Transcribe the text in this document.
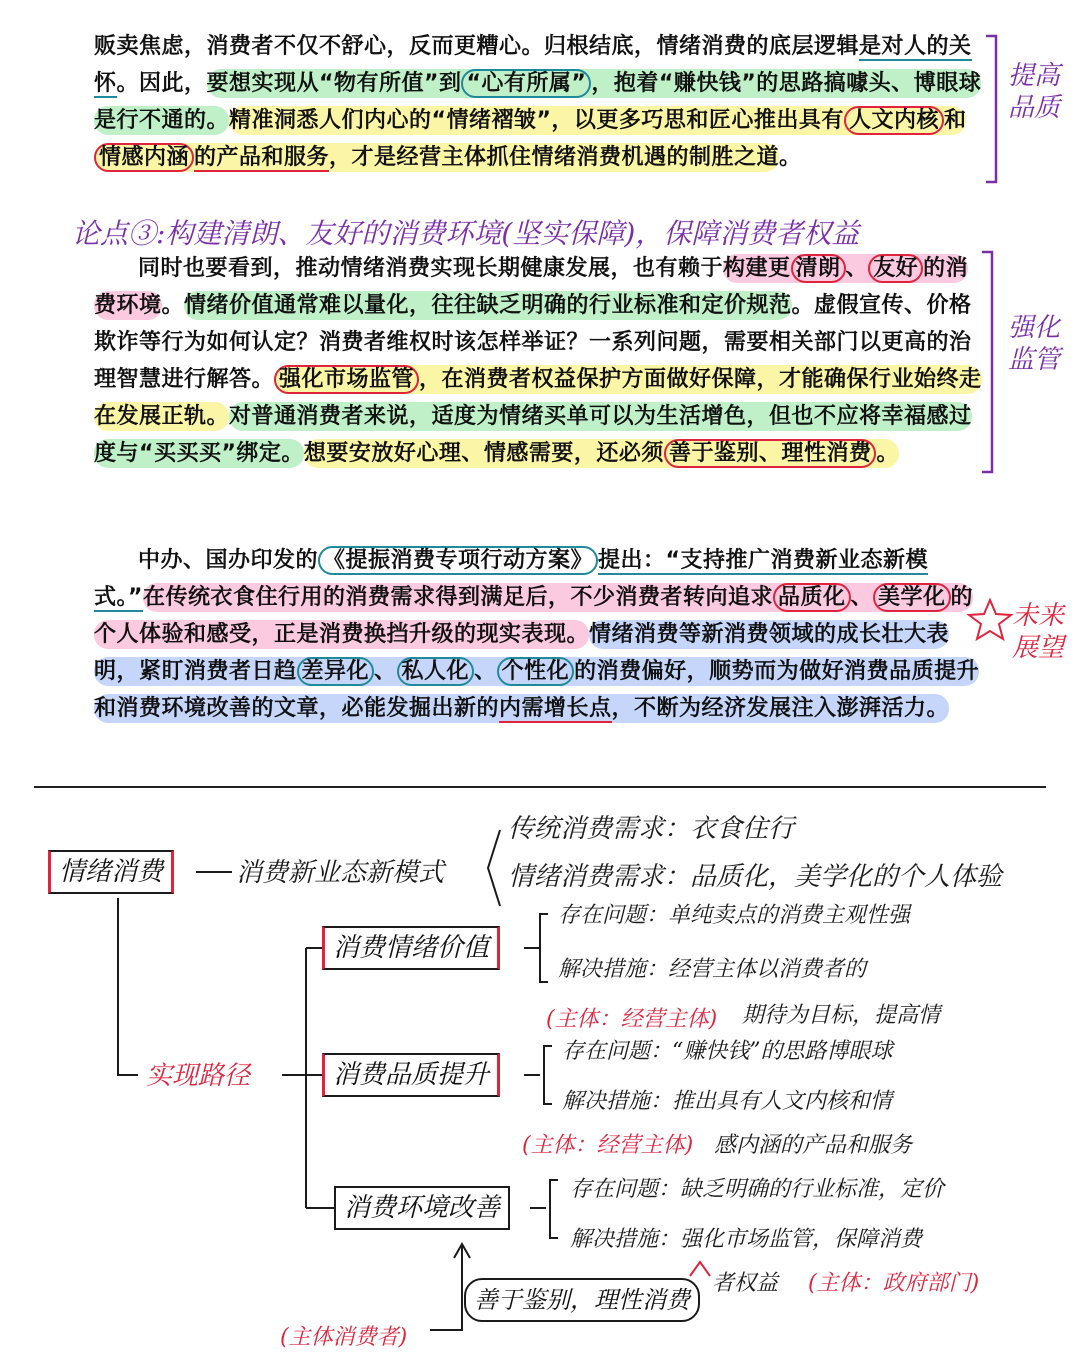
贩卖焦虑，消费者不仅不舒心，反而更糟心。归根结底，情绪消费的底层逻辑是对人的关怀。因此，要想实现从“物有所值”到 “心有所属” ，抱着“赚快钱”的思路搞噱头、博眼球是行不通的。精准洞悉人们内心的“情绪褶皱”，以更多巧思和匠心推出具有 人文内核 和情感内涵 的产品和服务，才是经营主体抓住情绪消费机遇的制胜之道。

同时也要看到，推动情绪消费实现长期健康发展，也有赖于构建更 清朗 、 友好 的消费环境。情绪价值通常难以量化，往往缺乏明确的行业标准和定价规范。虚假宣传、价格欺诈等行为如何认定？消费者维权时该怎样举证？一系列问题，需要相关部门以更高的治理智慧进行解答。 强化市场监管 ，在消费者权益保护方面做好保障，才能确保行业始终走在发展正轨。对普通消费者来说，适度为情绪买单可以为生活增色，但也不应将幸福感过度与“买买买”绑定。想要安放好心理、情感需要，还必须 善于鉴别、理性消费 。

中办、国办印发的 《提振消费专项行动方案》 提出：“支持推广消费新业态新模式。”在传统衣食住行用的消费需求得到满足后，不少消费者转向追求 品质化 、 美学化 的个人体验和感受，正是消费换挡升级的现实表现。情绪消费等新消费领域的成长壮大表明，紧盯消费者日趋 差异化 、 私人化 、 个性化 的消费偏好，顺势而为做好消费品质提升和消费环境改善的文章，必能发掘出新的内需增长点，不断为经济发展注入澎湃活力。

提高品质
论点③:构建清朗、友好的消费环境(坚实保障)，保障消费者权益
强化监管
未来展望
情绪消费	消费新业态新模式
传统消费需求：衣食住行
情绪消费需求：品质化，美学化的个人体验
实现路径
消费情绪价值
存在问题：单纯卖点的消费主观性强
解决措施：经营主体以消费者的
(主体：经营主体) 期待为目标，提高情
消费品质提升
存在问题：“赚快钱”的思路博眼球
解决措施：推出具有人文内核和情
(主体：经营主体) 感内涵的产品和服务
消费环境改善
存在问题：缺乏明确的行业标准，定价
解决措施：强化市场监管，保障消费
者权益 (主体：政府部门)
善于鉴别，理性消费
(主体消费者)
